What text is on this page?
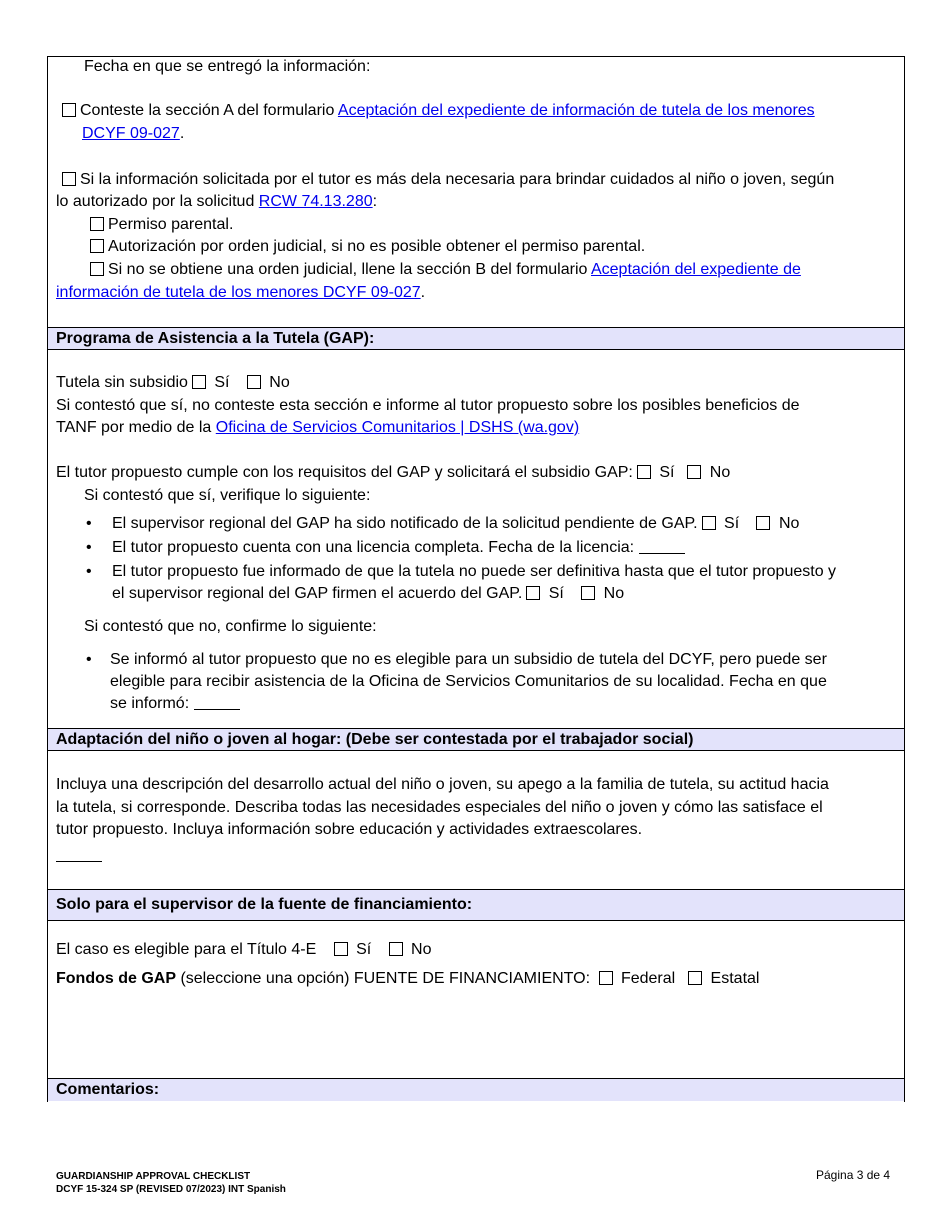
Fecha en que se entregó la información:
Conteste la sección A del formulario Aceptación del expediente de información de tutela de los menores
DCYF 09-027.
Si la información solicitada por el tutor es más dela necesaria para brindar cuidados al niño o joven, según
lo autorizado por la solicitud RCW 74.13.280:
Permiso parental.
Autorización por orden judicial, si no es posible obtener el permiso parental.
Si no se obtiene una orden judicial, llene la sección B del formulario Aceptación del expediente de
información de tutela de los menores DCYF 09-027.
Programa de Asistencia a la Tutela (GAP):
Tutela sin subsidio Sí No
Si contestó que sí, no conteste esta sección e informe al tutor propuesto sobre los posibles beneficios de
TANF por medio de la Oficina de Servicios Comunitarios | DSHS (wa.gov)
El tutor propuesto cumple con los requisitos del GAP y solicitará el subsidio GAP: Sí No
Si contestó que sí, verifique lo siguiente:
• El supervisor regional del GAP ha sido notificado de la solicitud pendiente de GAP. Sí No
• El tutor propuesto cuenta con una licencia completa. Fecha de la licencia:
• El tutor propuesto fue informado de que la tutela no puede ser definitiva hasta que el tutor propuesto y
el supervisor regional del GAP firmen el acuerdo del GAP. Sí No
Si contestó que no, confirme lo siguiente:
• Se informó al tutor propuesto que no es elegible para un subsidio de tutela del DCYF, pero puede ser
elegible para recibir asistencia de la Oficina de Servicios Comunitarios de su localidad. Fecha en que
se informó:
Adaptación del niño o joven al hogar: (Debe ser contestada por el trabajador social)
Incluya una descripción del desarrollo actual del niño o joven, su apego a la familia de tutela, su actitud hacia
la tutela, si corresponde. Describa todas las necesidades especiales del niño o joven y cómo las satisface el
tutor propuesto. Incluya información sobre educación y actividades extraescolares.
Solo para el supervisor de la fuente de financiamiento:
El caso es elegible para el Título 4-E Sí No
Fondos de GAP (seleccione una opción) FUENTE DE FINANCIAMIENTO: Federal Estatal
Comentarios:
GUARDIANSHIP APPROVAL CHECKLIST
DCYF 15-324 SP (REVISED 07/2023) INT Spanish
Página 3 de 4
